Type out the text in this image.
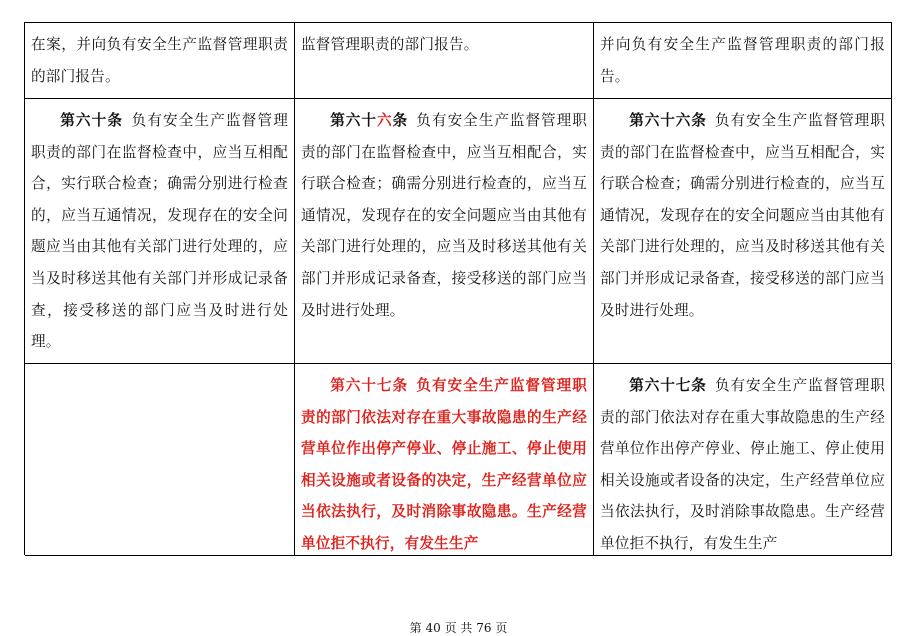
在案，并向负有安全生产监督管理职责的部门报告。
监督管理职责的部门报告。	并向负有安全生产监督管理职责的部门报告。
第六十条  负有安全生产监督管理职责的部门在监督检查中，应当互相配合，实行联合检查；确需分别进行检查的，应当互通情况，发现存在的安全问题应当由其他有关部门进行处理的，应当及时移送其他有关部门并形成记录备查，接受移送的部门应当及时进行处理。
第六十六条  负有安全生产监督管理职责的部门在监督检查中，应当互相配合，实行联合检查；确需分别进行检查的，应当互通情况，发现存在的安全问题应当由其他有关部门进行处理的，应当及时移送其他有关部门并形成记录备查，接受移送的部门应当及时进行处理。
第六十六条  负有安全生产监督管理职责的部门在监督检查中，应当互相配合，实行联合检查；确需分别进行检查的，应当互通情况，发现存在的安全问题应当由其他有关部门进行处理的，应当及时移送其他有关部门并形成记录备查，接受移送的部门应当及时进行处理。
第六十七条  负有安全生产监督管理职责的部门依法对存在重大事故隐患的生产经营单位作出停产停业、停止施工、停止使用相关设施或者设备的决定，生产经营单位应当依法执行，及时消除事故隐患。生产经营单位拒不执行，有发生生产
第六十七条  负有安全生产监督管理职责的部门依法对存在重大事故隐患的生产经营单位作出停产停业、停止施工、停止使用相关设施或者设备的决定，生产经营单位应当依法执行，及时消除事故隐患。生产经营单位拒不执行，有发生生产
第 40 页 共 76 页
